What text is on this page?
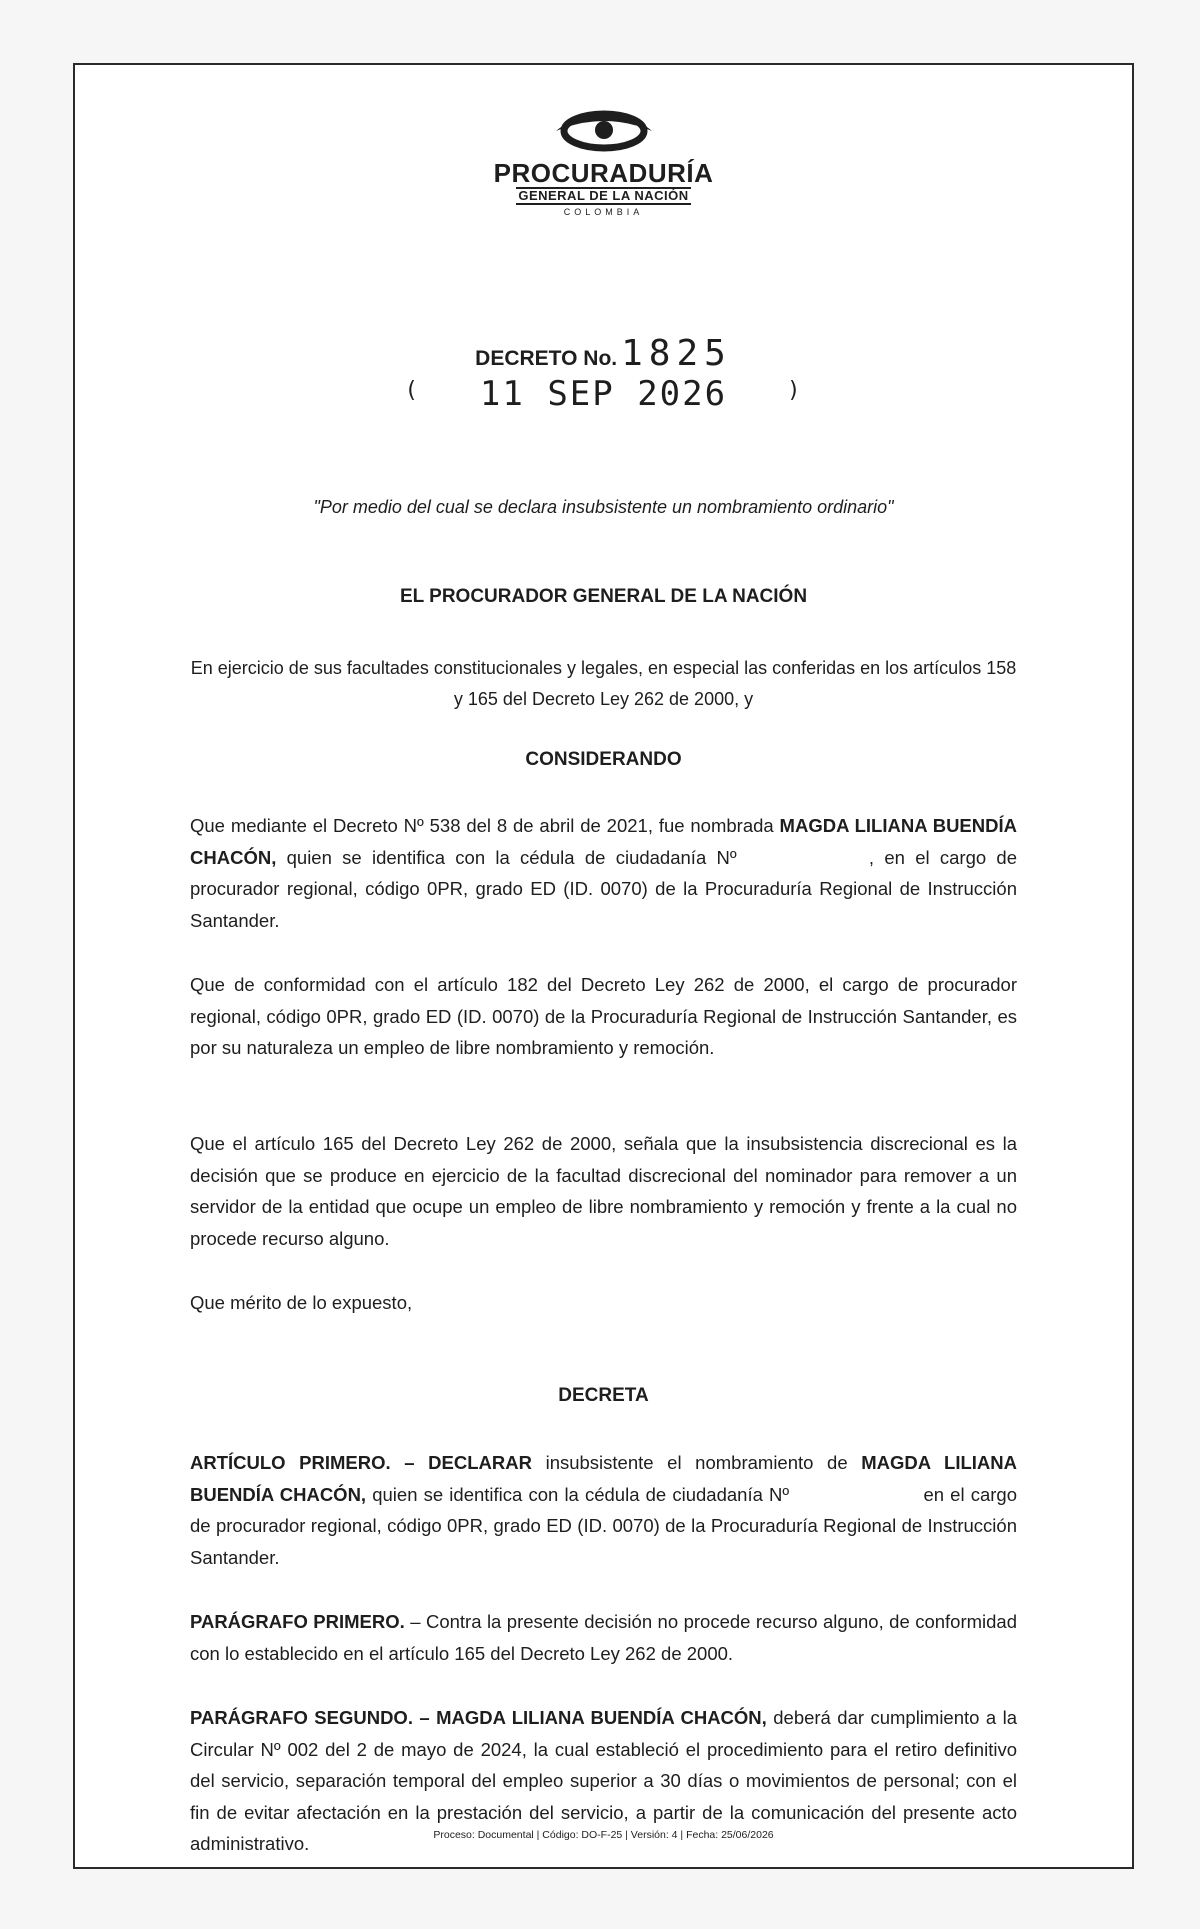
PROCURADURÍA
GENERAL DE LA NACIÓN
COLOMBIA
DECRETO No. 1825
( 11 SEP 2026	)
"Por medio del cual se declara insubsistente un nombramiento ordinario"
EL PROCURADOR GENERAL DE LA NACIÓN
En ejercicio de sus facultades constitucionales y legales, en especial las conferidas en los artículos 158 y 165 del Decreto Ley 262 de 2000, y
CONSIDERANDO
Que mediante el Decreto Nº 538 del 8 de abril de 2021, fue nombrada MAGDA LILIANA BUENDÍA CHACÓN, quien se identifica con la cédula de ciudadanía Nº	, en el cargo de procurador regional, código 0PR, grado ED (ID. 0070) de la Procuraduría Regional de Instrucción Santander.
Que de conformidad con el artículo 182 del Decreto Ley 262 de 2000, el cargo de procurador regional, código 0PR, grado ED (ID. 0070) de la Procuraduría Regional de Instrucción Santander, es por su naturaleza un empleo de libre nombramiento y remoción.
Que el artículo 165 del Decreto Ley 262 de 2000, señala que la insubsistencia discrecional es la decisión que se produce en ejercicio de la facultad discrecional del nominador para remover a un servidor de la entidad que ocupe un empleo de libre nombramiento y remoción y frente a la cual no procede recurso alguno.
Que mérito de lo expuesto,
DECRETA
ARTÍCULO PRIMERO. – DECLARAR insubsistente el nombramiento de MAGDA LILIANA BUENDÍA CHACÓN, quien se identifica con la cédula de ciudadanía Nº	en el cargo de procurador regional, código 0PR, grado ED (ID. 0070) de la Procuraduría Regional de Instrucción Santander.
PARÁGRAFO PRIMERO. – Contra la presente decisión no procede recurso alguno, de conformidad con lo establecido en el artículo 165 del Decreto Ley 262 de 2000.
PARÁGRAFO SEGUNDO. – MAGDA LILIANA BUENDÍA CHACÓN, deberá dar cumplimiento a la Circular Nº 002 del 2 de mayo de 2024, la cual estableció el procedimiento para el retiro definitivo del servicio, separación temporal del empleo superior a 30 días o movimientos de personal; con el fin de evitar afectación en la prestación del servicio, a partir de la comunicación del presente acto administrativo.	Proceso: Documental | Código: DO-F-25 | Versión: 4 | Fecha: 25/06/2026
